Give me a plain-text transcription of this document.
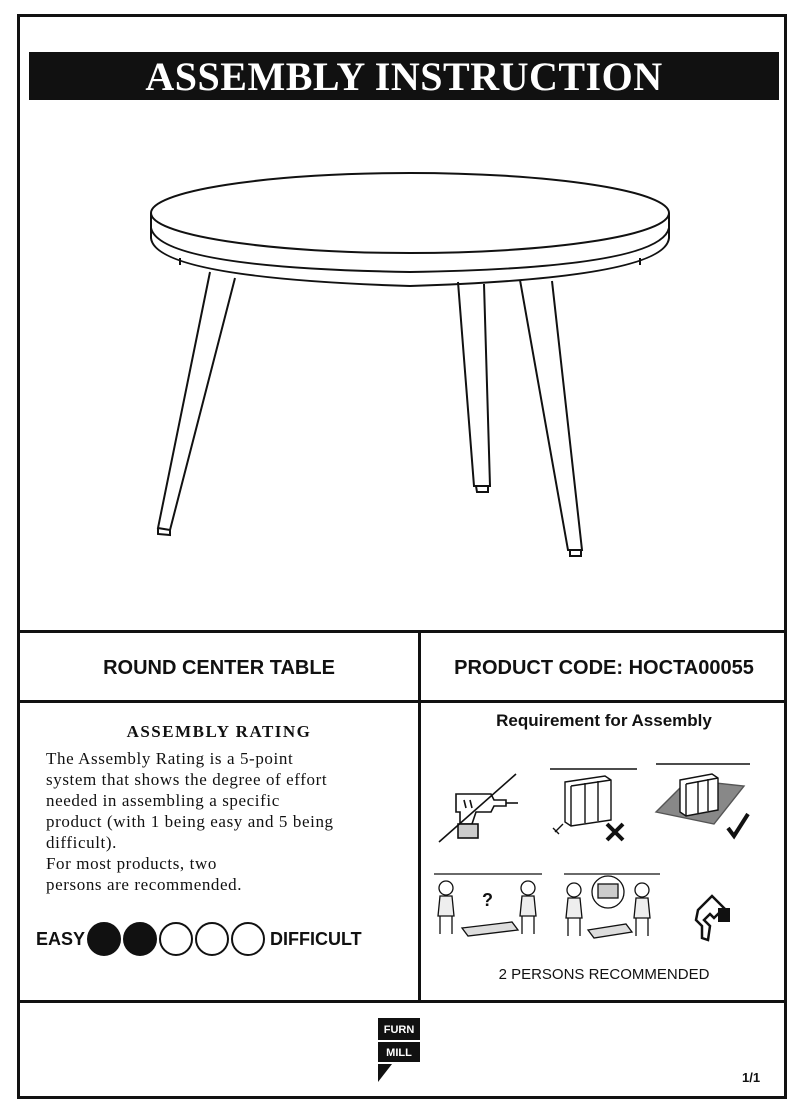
ASSEMBLY INSTRUCTION
ROUND CENTER TABLE	PRODUCT CODE: HOCTA00055
ASSEMBLY RATING

The Assembly Rating is a 5-point

system that shows the degree of effort

needed in assembling a specific

product (with 1 being easy and 5 being

difficult).

For most products, two

persons are recommended.

EASY	DIFFICULT
Requirement for Assembly
?
2 PERSONS RECOMMENDED
FURN
MILL
1/1
